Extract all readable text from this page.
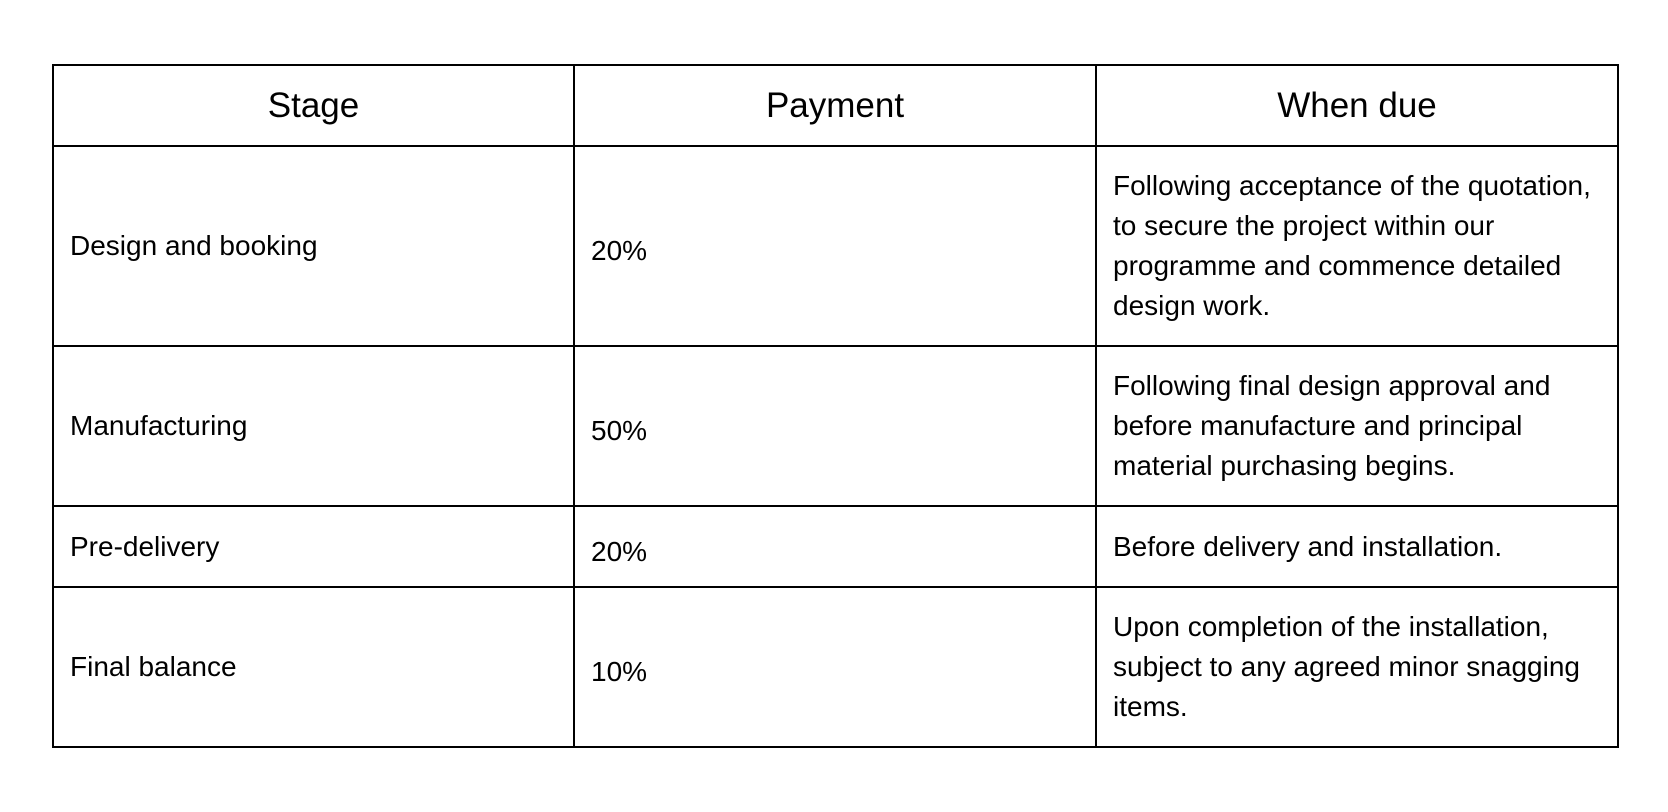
Stage	Payment	When due
Design and booking	20%	Following acceptance of the quotation, to secure the project within our programme and commence detailed design work.
Manufacturing	50%	Following final design approval and before manufacture and principal material purchasing begins.
Pre-delivery	20%	Before delivery and installation.
Final balance	10%	Upon completion of the installation, subject to any agreed minor snagging items.
